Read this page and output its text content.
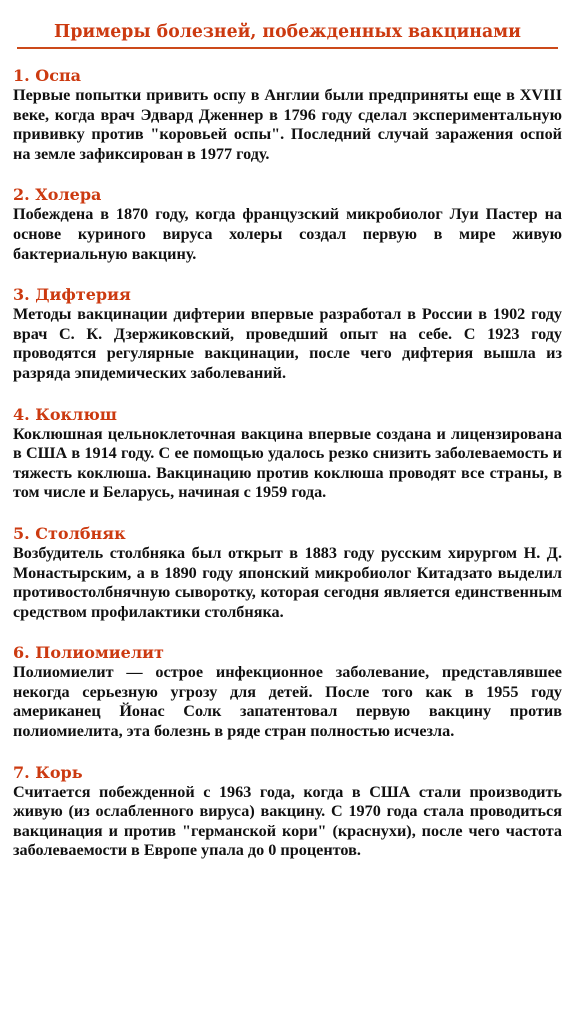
Примеры болезней, побежденных вакцинами

1. Оспа

Первые попытки привить оспу в Англии были предприняты еще в XVIII веке, когда врач Эдвард Дженнер в 1796 году сделал экспериментальную прививку против "коровьей оспы". Последний случай заражения оспой на земле зафиксирован в 1977 году.

2. Холера

Побеждена в 1870 году, когда французский микробиолог Луи Пастер на основе куриного вируса холеры создал первую в мире живую бактериальную вакцину.

3. Дифтерия

Методы вакцинации дифтерии впервые разработал в России в 1902 году врач С. К. Дзержиковский, проведший опыт на себе. С 1923 году проводятся регулярные вакцинации, после чего дифтерия вышла из разряда эпидемических заболеваний.

4. Коклюш

Коклюшная цельноклеточная вакцина впервые создана и лицензирована в США в 1914 году. С ее помощью удалось резко снизить заболеваемость и тяжесть коклюша. Вакцинацию против коклюша проводят все страны, в том числе и Беларусь, начиная с 1959 года.

5. Столбняк

Возбудитель столбняка был открыт в 1883 году русским хирургом Н. Д. Монастырским, а в 1890 году японский микробиолог Китадзато выделил противостолбнячную сыворотку, которая сегодня является единственным средством профилактики столбняка.

6. Полиомиелит

Полиомиелит — острое инфекционное заболевание, представлявшее некогда серьезную угрозу для детей. После того как в 1955 году американец Йонас Солк запатентовал первую вакцину против полиомиелита, эта болезнь в ряде стран полностью исчезла.

7. Корь

Считается побежденной с 1963 года, когда в США стали производить живую (из ослабленного вируса) вакцину. С 1970 года стала проводиться вакцинация и против "германской кори" (краснухи), после чего частота заболеваемости в Европе упала до 0 процентов.
